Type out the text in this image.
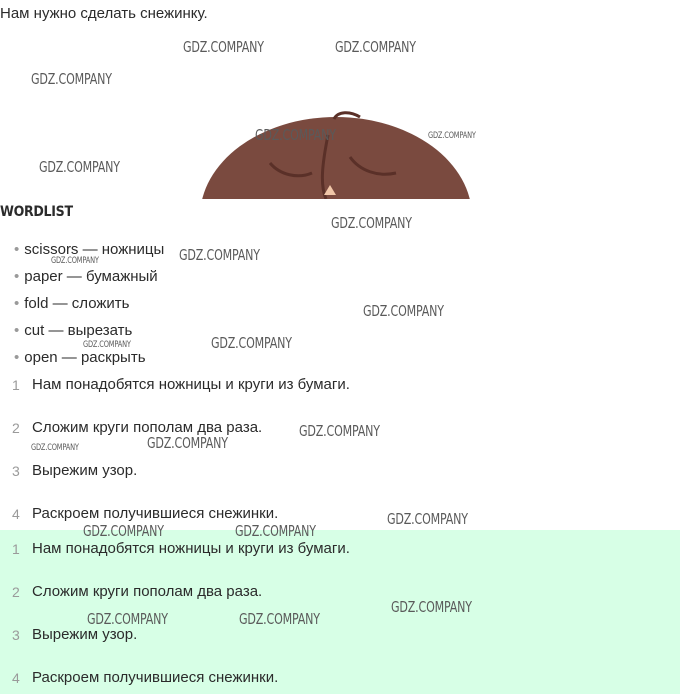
Нам нужно сделать снежинку.
WORDLIST
• scissors — ножницы
• paper — бумажный
• fold — сложить
• cut — вырезать
• open — раскрыть
1 Нам понадобятся ножницы и круги из бумаги.
2 Сложим круги пополам два раза.
3 Вырежим узор.
4 Раскроем получившиеся снежинки.
1 Нам понадобятся ножницы и круги из бумаги.
2 Сложим круги пополам два раза.
3 Вырежим узор.
4 Раскроем получившиеся снежинки.
GDZ.COMPANY	GDZ.COMPANY
GDZ.COMPANY
GDZ.COMPANY	GDZ.COMPANY
GDZ.COMPANY
GDZ.COMPANY
GDZ.COMPANY
GDZ.COMPANY
GDZ.COMPANY
GDZ.COMPANY
GDZ.COMPANY
GDZ.COMPANY
GDZ.COMPANY
GDZ.COMPANY
GDZ.COMPANY
GDZ.COMPANY	GDZ.COMPANY
GDZ.COMPANY
GDZ.COMPANY	GDZ.COMPANY
